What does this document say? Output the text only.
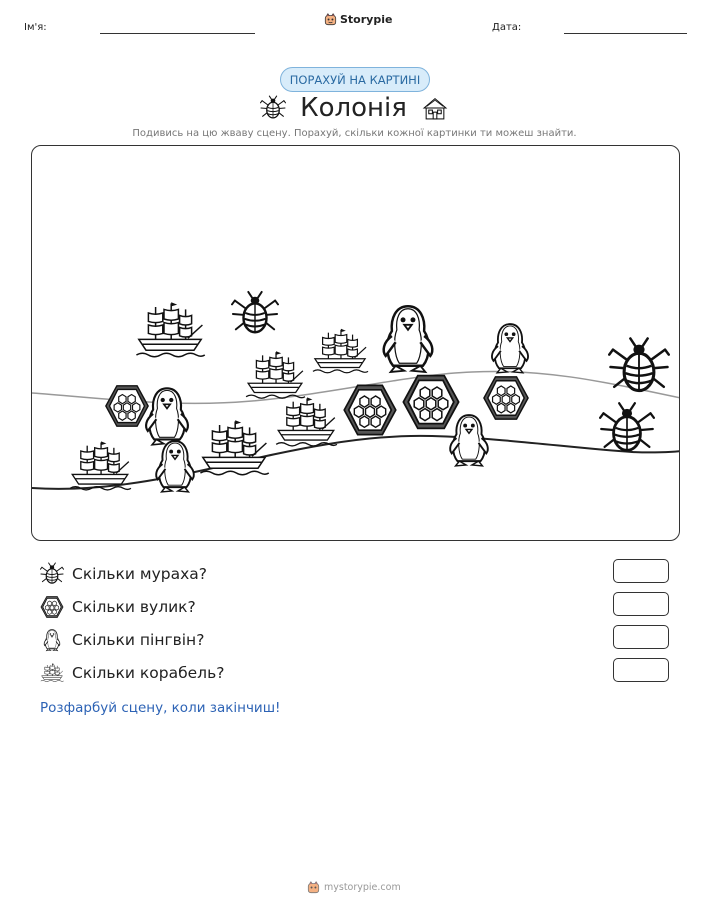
Ім'я:
Storypie
Дата:
ПОРАХУЙ НА КАРТИНІ
Колонія
Подивись на цю жваву сцену. Порахуй, скільки кожної картинки ти можеш знайти.
Скільки мураха?
Скільки вулик?
Скільки пінгвін?
Скільки корабель?
Розфарбуй сцену, коли закінчиш!
mystorypie.com
